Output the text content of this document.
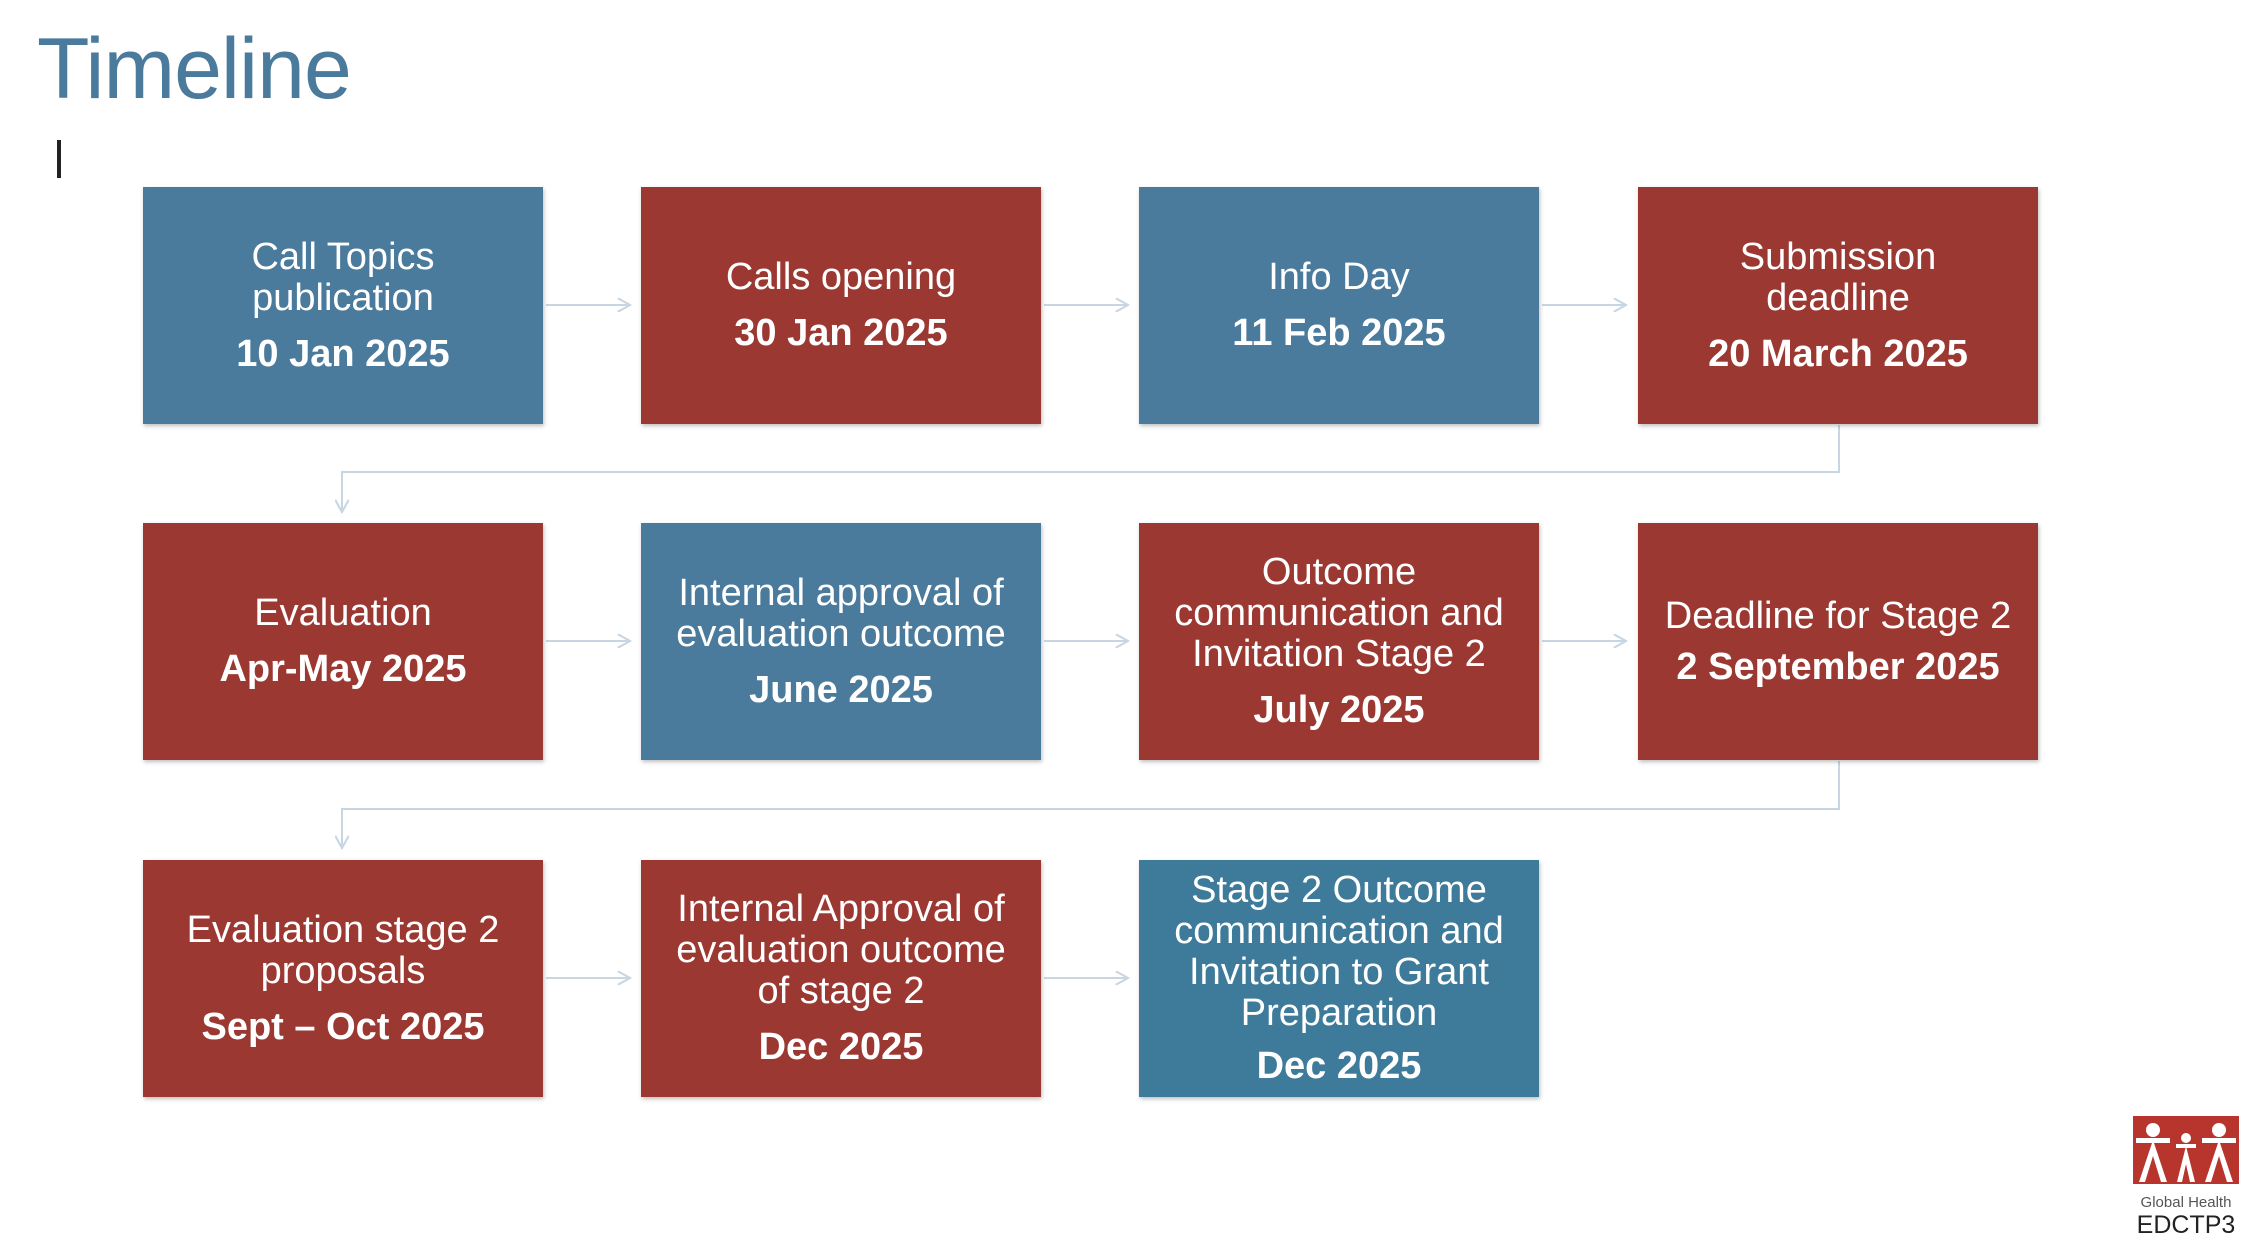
Timeline
Call Topics
publication
10 Jan 2025
Calls opening
30 Jan 2025
Info Day
11 Feb 2025
Submission
deadline
20 March 2025
Evaluation
Apr-May 2025
Internal approval of
evaluation outcome
June 2025
Outcome
communication and
Invitation Stage 2
July 2025
Deadline for Stage 2
2 September 2025
Evaluation stage 2
proposals
Sept – Oct 2025
Internal Approval of
evaluation outcome
of stage 2
Dec 2025
Stage 2 Outcome
communication and
Invitation to Grant
Preparation
Dec 2025
Global Health
EDCTP3
